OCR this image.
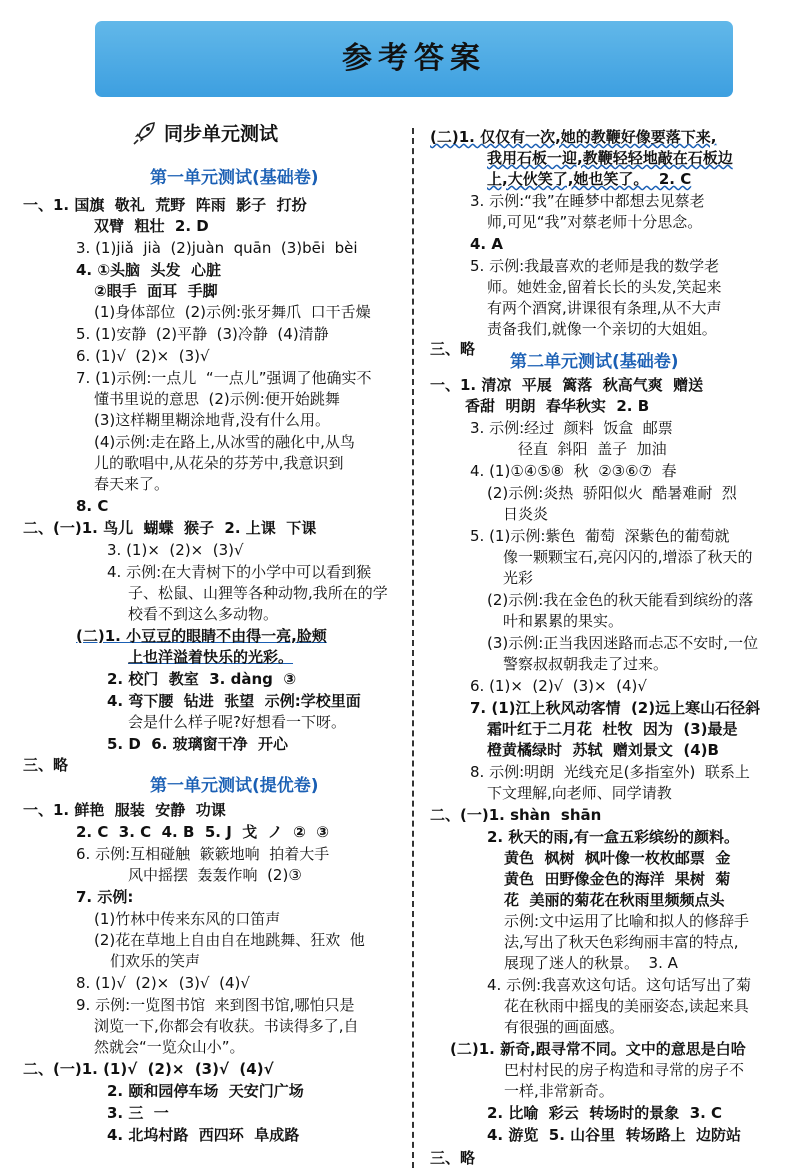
参考答案
同步单元测试
第一单元测试(基础卷)
一、1. 国旗  敬礼  荒野  阵雨  影子  打扮
双臂  粗壮  2. D
3. (1)jiǎ  jià  (2)juàn  quān  (3)bēi  bèi
4. ①头脑  头发  心脏
②眼手  面耳  手脚
(1)身体部位  (2)示例:张牙舞爪  口干舌燥
5. (1)安静  (2)平静  (3)冷静  (4)清静
6. (1)√  (2)×  (3)√
7. (1)示例:一点儿  “一点儿”强调了他确实不
懂书里说的意思  (2)示例:便开始跳舞
(3)这样糊里糊涂地背,没有什么用。
(4)示例:走在路上,从冰雪的融化中,从鸟
儿的歌唱中,从花朵的芬芳中,我意识到
春天来了。
8. C
二、(一)1. 鸟儿  蝴蝶  猴子  2. 上课  下课
3. (1)×  (2)×  (3)√
4. 示例:在大青树下的小学中可以看到猴
子、松鼠、山狸等各种动物,我所在的学
校看不到这么多动物。
(二)1. 小豆豆的眼睛不由得一亮,脸颊
上也洋溢着快乐的光彩。
2. 校门  教室  3. dàng  ③
4. 弯下腰  钻进  张望  示例:学校里面
会是什么样子呢?好想看一下呀。
5. D  6. 玻璃窗干净  开心
三、略
第一单元测试(提优卷)
一、1. 鲜艳  服装  安静  功课
2. C  3. C  4. B  5. J  戈  ノ  ②  ③
6. 示例:互相碰触  簌簌地响  拍着大手
风中摇摆  轰轰作响  (2)③
7. 示例:
(1)竹林中传来东风的口笛声
(2)花在草地上自由自在地跳舞、狂欢  他
们欢乐的笑声
8. (1)√  (2)×  (3)√  (4)√
9. 示例:一览图书馆  来到图书馆,哪怕只是
浏览一下,你都会有收获。书读得多了,自
然就会“一览众山小”。
二、(一)1. (1)√  (2)×  (3)√  (4)√
2. 颐和园停车场  天安门广场
3. 三  一
4. 北坞村路  西四环  阜成路
(二)1. 仅仅有一次,她的教鞭好像要落下来,
我用石板一迎,教鞭轻轻地敲在石板边
上,大伙笑了,她也笑了。  2. C
3. 示例:“我”在睡梦中都想去见蔡老
师,可见“我”对蔡老师十分思念。
4. A
5. 示例:我最喜欢的老师是我的数学老
师。她姓金,留着长长的头发,笑起来
有两个酒窝,讲课很有条理,从不大声
责备我们,就像一个亲切的大姐姐。
三、略
第二单元测试(基础卷)
一、1. 清凉  平展  篱落  秋高气爽  赠送
香甜  明朗  春华秋实  2. B
3. 示例:经过  颜料  饭盒  邮票
径直  斜阳  盖子  加油
4. (1)①④⑤⑧  秋  ②③⑥⑦  春
(2)示例:炎热  骄阳似火  酷暑难耐  烈
日炎炎
5. (1)示例:紫色  葡萄  深紫色的葡萄就
像一颗颗宝石,亮闪闪的,增添了秋天的
光彩
(2)示例:我在金色的秋天能看到缤纷的落
叶和累累的果实。
(3)示例:正当我因迷路而忐忑不安时,一位
警察叔叔朝我走了过来。
6. (1)×  (2)√  (3)×  (4)√
7. (1)江上秋风动客情  (2)远上寒山石径斜
霜叶红于二月花  杜牧  因为  (3)最是
橙黄橘绿时  苏轼  赠刘景文  (4)B
8. 示例:明朗  光线充足(多指室外)  联系上
下文理解,向老师、同学请教
二、(一)1. shàn  shān
2. 秋天的雨,有一盒五彩缤纷的颜料。
黄色  枫树  枫叶像一枚枚邮票  金
黄色  田野像金色的海洋  果树  菊
花  美丽的菊花在秋雨里频频点头
示例:文中运用了比喻和拟人的修辞手
法,写出了秋天色彩绚丽丰富的特点,
展现了迷人的秋景。  3. A
4. 示例:我喜欢这句话。这句话写出了菊
花在秋雨中摇曳的美丽姿态,读起来具
有很强的画面感。
(二)1. 新奇,跟寻常不同。文中的意思是白哈
巴村村民的房子构造和寻常的房子不
一样,非常新奇。
2. 比喻  彩云  转场时的景象  3. C
4. 游览  5. 山谷里  转场路上  边防站
三、略
